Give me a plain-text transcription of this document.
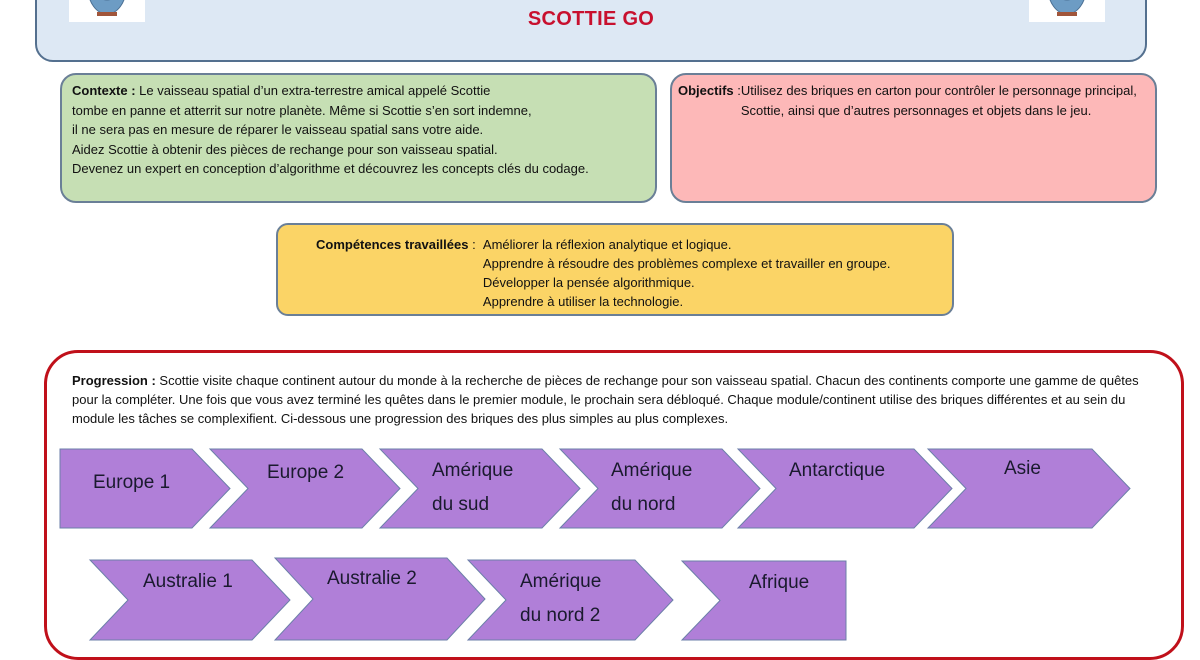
SCOTTIE GO
Contexte : Le vaisseau spatial d’un extra-terrestre amical appelé Scottie
tombe en panne et atterrit sur notre planète. Même si Scottie s’en sort indemne,
il ne sera pas en mesure de réparer le vaisseau spatial sans votre aide.
Aidez Scottie à obtenir des pièces de rechange pour son vaisseau spatial.
Devenez un expert en conception d’algorithme et découvrez les concepts clés du codage.
Objectifs : Utilisez des briques en carton pour contrôler le personnage principal, Scottie, ainsi que d’autres personnages et objets dans le jeu.
Compétences travaillées : Améliorer la réflexion analytique et logique.
Apprendre à résoudre des problèmes complexe et travailler en groupe.
Développer la pensée algorithmique.
Apprendre à utiliser la technologie.
Progression : Scottie visite chaque continent autour du monde à la recherche de pièces de rechange pour son vaisseau spatial. Chacun des continents comporte une gamme de quêtes pour la compléter. Une fois que vous avez terminé les quêtes dans le premier module, le prochain sera débloqué. Chaque module/continent utilise des briques différentes et au sein du module les tâches se complexifient. Ci-dessous une progression des briques des plus simples au plus complexes.
Europe 1	Europe 2	Amérique
du sud
Amérique
du nord
Antarctique	Asie
Australie 1	Australie 2	Amérique
du nord 2
Afrique
